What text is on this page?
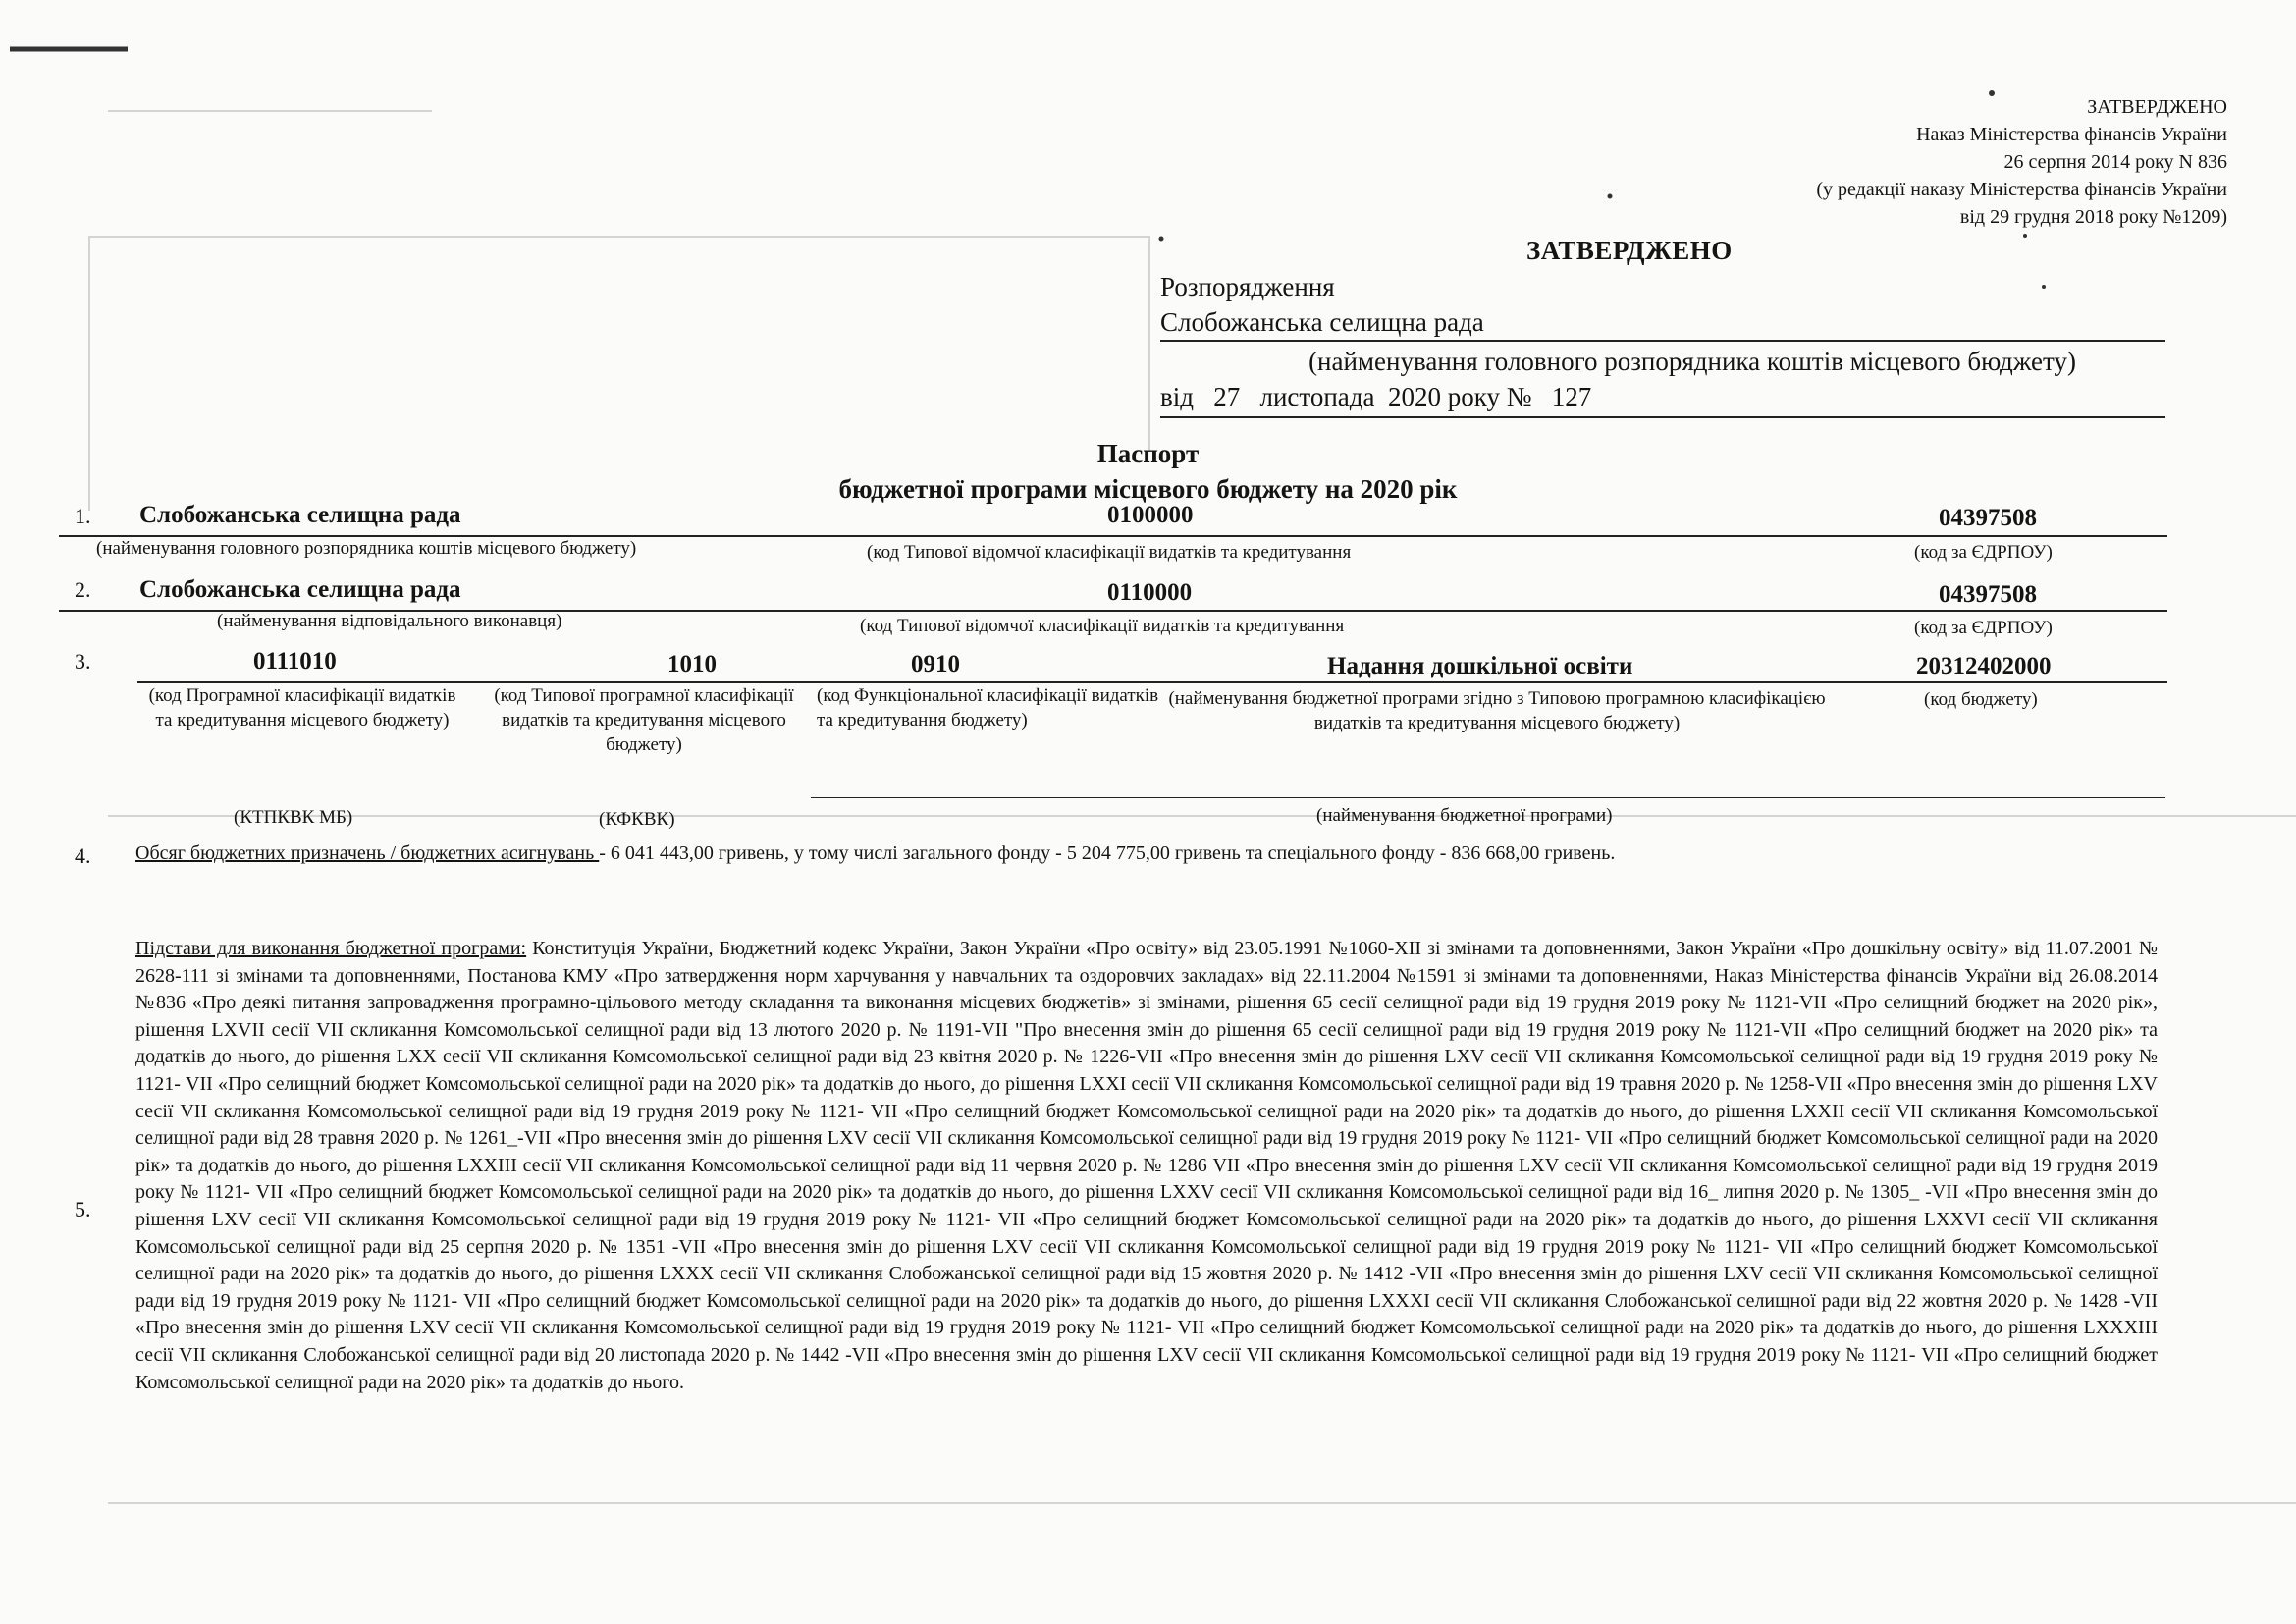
ЗАТВЕРДЖЕНО
Наказ Міністерства фінансів України
26 серпня 2014 року N 836
(у редакції наказу Міністерства фінансів України
від 29 грудня 2018 року №1209)
ЗАТВЕРДЖЕНО
Розпорядження
Слобожанська селищна рада
(найменування головного розпорядника коштів місцевого бюджету)
від   27   листопада  2020 року №   127
Паспорт
бюджетної програми місцевого бюджету на 2020 рік
1. Слобожанська селищна рада	0100000	04397508
(найменування головного розпорядника коштів місцевого бюджету)	(код Типової відомчої класифікації видатків та кредитування	(код за ЄДРПОУ)
2. Слобожанська селищна рада	0110000	04397508
(найменування відповідального виконавця)	(код Типової відомчої класифікації видатків та кредитування	(код за ЄДРПОУ)
3.	0111010	1010	0910	Надання дошкільної освіти	20312402000
(код Програмної класифікації видатків та кредитування місцевого бюджету)
(код Типової програмної класифікації видатків та кредитування місцевого бюджету)
(код Функціональної класифікації видатків та кредитування бюджету)
(найменування бюджетної програми згідно з Типовою програмною класифікацією видатків та кредитування місцевого бюджету)
(код бюджету)
(КТПКВК МБ)	(КФКВК)	(найменування бюджетної програми)
4. Обсяг бюджетних призначень / бюджетних асигнувань - 6 041 443,00 гривень, у тому числі загального фонду - 5 204 775,00 гривень та спеціального фонду - 836 668,00 гривень.
5.
Підстави для виконання бюджетної програми: Конституція України, Бюджетний кодекс України, Закон України «Про освіту» від 23.05.1991 №1060-ХІІ зі змінами та доповненнями, Закон України «Про дошкільну освіту» від 11.07.2001 № 2628-111 зі змінами та доповненнями, Постанова КМУ «Про затвердження норм харчування у навчальних та оздоровчих закладах» від 22.11.2004 №1591 зі змінами та доповненнями, Наказ Міністерства фінансів України від 26.08.2014 №836 «Про деякі питання запровадження програмно-цільового методу складання та виконання місцевих бюджетів» зі змінами, рішення 65 сесії селищної ради від 19 грудня 2019 року № 1121-VII «Про селищний бюджет на 2020 рік», рішення LXVII сесії VII скликання Комсомольської селищної ради від 13 лютого 2020 р. № 1191-VII "Про внесення змін до рішення 65 сесії селищної ради від 19 грудня 2019 року № 1121-VII «Про селищний бюджет на 2020 рік» та додатків до нього, до рішення LXX сесії VII скликання Комсомольської селищної ради від 23 квітня 2020 р. № 1226-VII «Про внесення змін до рішення LXV сесії VII скликання Комсомольської селищної ради від 19 грудня 2019 року № 1121- VII «Про селищний бюджет Комсомольської селищної ради на 2020 рік» та додатків до нього, до рішення LXXI сесії VII скликання Комсомольської селищної ради від 19 травня 2020 р. № 1258-VII «Про внесення змін до рішення LXV сесії VII скликання Комсомольської селищної ради від 19 грудня 2019 року № 1121- VII «Про селищний бюджет Комсомольської селищної ради на 2020 рік» та додатків до нього, до рішення LXXII сесії VII скликання Комсомольської селищної ради від 28 травня 2020 р. № 1261_-VII «Про внесення змін до рішення LXV сесії VII скликання Комсомольської селищної ради від 19 грудня 2019 року № 1121- VII «Про селищний бюджет Комсомольської селищної ради на 2020 рік» та додатків до нього, до рішення LXXIII сесії VII скликання Комсомольської селищної ради від 11 червня 2020 р. № 1286 VII «Про внесення змін до рішення LXV сесії VII скликання Комсомольської селищної ради від 19 грудня 2019 року № 1121- VII «Про селищний бюджет Комсомольської селищної ради на 2020 рік» та додатків до нього, до рішення LXXV сесії VII скликання Комсомольської селищної ради від 16_ липня 2020 р. № 1305_ -VII «Про внесення змін до рішення LXV сесії VII скликання Комсомольської селищної ради від 19 грудня 2019 року № 1121- VII «Про селищний бюджет Комсомольської селищної ради на 2020 рік» та додатків до нього, до рішення LXXVI сесії VII скликання Комсомольської селищної ради від 25 серпня 2020 р. № 1351 -VII «Про внесення змін до рішення LXV сесії VII скликання Комсомольської селищної ради від 19 грудня 2019 року № 1121- VII «Про селищний бюджет Комсомольської селищної ради на 2020 рік» та додатків до нього, до рішення LXXX сесії VII скликання Слобожанської селищної ради від 15 жовтня 2020 р. № 1412 -VII «Про внесення змін до рішення LXV сесії VII скликання Комсомольської селищної ради від 19 грудня 2019 року № 1121- VII «Про селищний бюджет Комсомольської селищної ради на 2020 рік» та додатків до нього, до рішення LXXXI сесії VII скликання Слобожанської селищної ради від 22 жовтня 2020 р. № 1428 -VII «Про внесення змін до рішення LXV сесії VII скликання Комсомольської селищної ради від 19 грудня 2019 року № 1121- VII «Про селищний бюджет Комсомольської селищної ради на 2020 рік» та додатків до нього, до рішення LXXXIII сесії VII скликання Слобожанської селищної ради від 20 листопада 2020 р. № 1442 -VII «Про внесення змін до рішення LXV сесії VII скликання Комсомольської селищної ради від 19 грудня 2019 року № 1121- VII «Про селищний бюджет Комсомольської селищної ради на 2020 рік» та додатків до нього.
